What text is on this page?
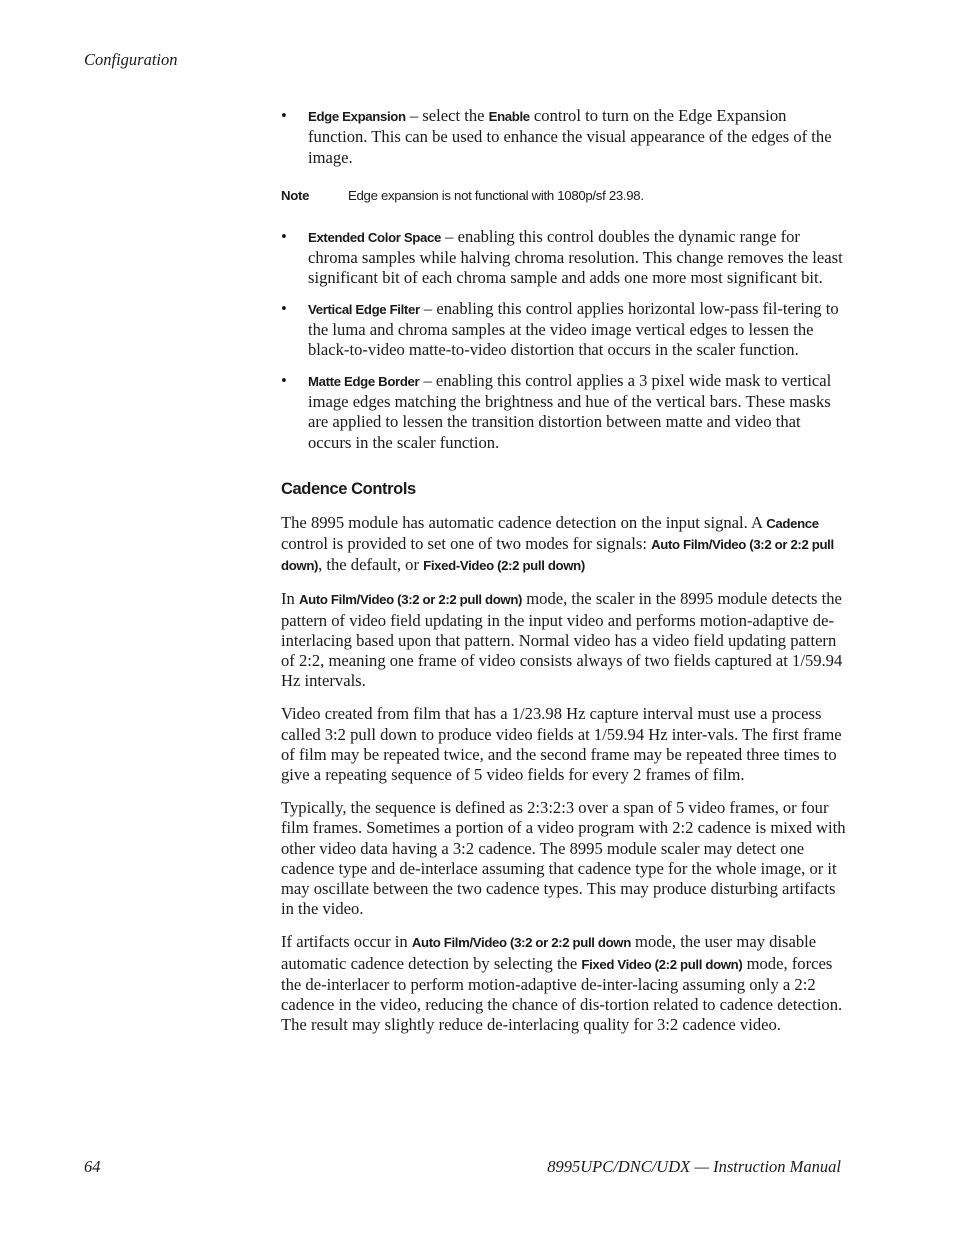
Configuration
• Edge Expansion – select the Enable control to turn on the Edge Expansion function. This can be used to enhance the visual appearance of the edges of the image.
Note	Edge expansion is not functional with 1080p/sf 23.98.
• Extended Color Space – enabling this control doubles the dynamic range for chroma samples while halving chroma resolution. This change removes the least significant bit of each chroma sample and adds one more most significant bit.
• Vertical Edge Filter – enabling this control applies horizontal low-pass fil-tering to the luma and chroma samples at the video image vertical edges to lessen the black-to-video matte-to-video distortion that occurs in the scaler function.
• Matte Edge Border – enabling this control applies a 3 pixel wide mask to vertical image edges matching the brightness and hue of the vertical bars. These masks are applied to lessen the transition distortion between matte and video that occurs in the scaler function.
Cadence Controls

The 8995 module has automatic cadence detection on the input signal. A Cadence control is provided to set one of two modes for signals: Auto Film/Video (3:2 or 2:2 pull down), the default, or Fixed-Video (2:2 pull down)

In Auto Film/Video (3:2 or 2:2 pull down) mode, the scaler in the 8995 module detects the pattern of video field updating in the input video and performs motion-adaptive de-interlacing based upon that pattern. Normal video has a video field updating pattern of 2:2, meaning one frame of video consists always of two fields captured at 1/59.94 Hz intervals.

Video created from film that has a 1/23.98 Hz capture interval must use a process called 3:2 pull down to produce video fields at 1/59.94 Hz inter-vals. The first frame of film may be repeated twice, and the second frame may be repeated three times to give a repeating sequence of 5 video fields for every 2 frames of film.

Typically, the sequence is defined as 2:3:2:3 over a span of 5 video frames, or four film frames. Sometimes a portion of a video program with 2:2 cadence is mixed with other video data having a 3:2 cadence. The 8995 module scaler may detect one cadence type and de-interlace assuming that cadence type for the whole image, or it may oscillate between the two cadence types. This may produce disturbing artifacts in the video.

If artifacts occur in Auto Film/Video (3:2 or 2:2 pull down mode, the user may disable automatic cadence detection by selecting the Fixed Video (2:2 pull down) mode, forces the de-interlacer to perform motion-adaptive de-inter-lacing assuming only a 2:2 cadence in the video, reducing the chance of dis-tortion related to cadence detection. The result may slightly reduce de-interlacing quality for 3:2 cadence video.

64	8995UPC/DNC/UDX — Instruction Manual
